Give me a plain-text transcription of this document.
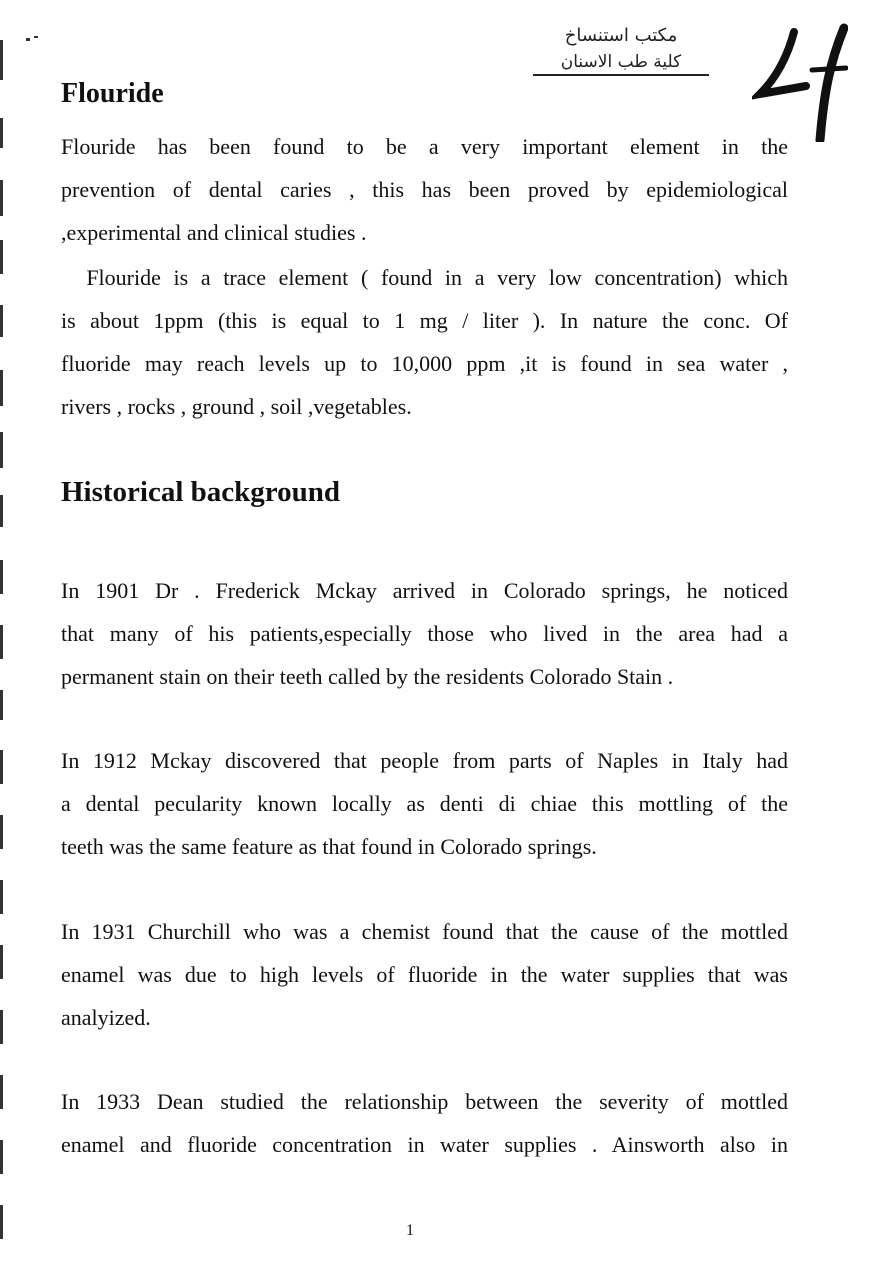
مكتب استنساخ
كلية طب الاسنان
Flouride

Flouride has been found to be a very important element in the
prevention of dental caries , this has been proved by epidemiological
,experimental and clinical studies .

Flouride is a trace element ( found in a very low concentration) which
is about 1ppm (this is equal to 1 mg / liter ). In nature the conc. Of
fluoride may reach levels up to 10,000 ppm ,it is found in sea water ,
rivers , rocks , ground , soil ,vegetables.

Historical background

In 1901 Dr . Frederick Mckay arrived in Colorado springs, he noticed
that many of his patients,especially those who lived in the area had a
permanent stain on their teeth called by the residents Colorado Stain .

In 1912 Mckay discovered that people from parts of Naples in Italy had
a dental pecularity known locally as denti di chiae this mottling of the
teeth was the same feature as that found in Colorado springs.

In 1931 Churchill who was a chemist found that the cause of the mottled
enamel was due to high levels of fluoride in the water supplies that was
analyized.

In 1933 Dean studied the relationship between the severity of mottled
enamel and fluoride concentration in water supplies . Ainsworth also in

1
